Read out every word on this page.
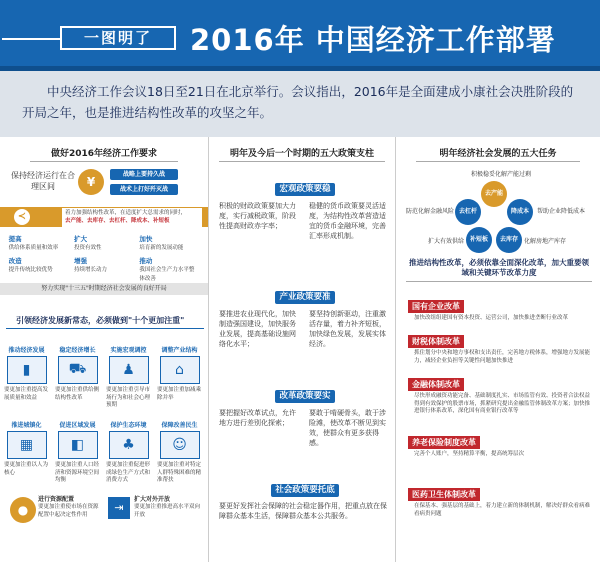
一图明了	2016年 中国经济工作部署
中央经济工作会议18日至21日在北京举行。会议指出，2016年是全面建成小康社会决胜阶段的开局之年，也是推进结构性改革的攻坚之年。
做好2016年经济工作要求
保持经济运行在合理区间	¥
战略上要持久战
战术上打好歼灭战
≺	着力加强结构性改革，在适度扩大总需求的同时，
去产能、去库存、去杠杆、降成本、补短板
提高
供给体系质量和效率
扩大
投资有效性
加快
培育新的发展动能
改造
提升传统比较优势
增强
持续增长动力
推动
我国社会生产力水平整体改善
努力实现"十三五"时期经济社会发展的良好开局
引领经济发展新常态，必须做到"十个更加注重"
推动经济发展
▮
要更加注重提高发展质量和效益
稳定经济增长
⛟
要更加注重供给侧结构性改革
实施宏观调控
♟
要更加注重引导市场行为和社会心理预期
调整产业结构
⌂
要更加注重加减乘除并举
推进城镇化
▦
要更加注重以人为核心
促进区域发展
◧
要更加注重人口经济和资源环境空间均衡
保护生态环境
♣
要更加注重促进形成绿色生产方式和消费方式
保障改善民生
☺
要更加注重对特定人群特殊困难的精准帮扶
●
进行资源配置
要更加注重使市场在资源配置中起决定性作用
⇥
扩大对外开放
要更加注重推进高水平双向开放
明年及今后一个时期的五大政策支柱
宏观政策要稳
积极的财政政策要加大力度，实行减税政策，阶段性提高财政赤字率；
稳健的货币政策要灵活适度，为结构性改革营造适宜的货币金融环境，完善汇率形成机制。
产业政策要准
要推进农业现代化，加快制造强国建设，加快服务业发展，提高基础设施网络化水平；
要坚持创新驱动，注重激活存量，着力补齐短板，加快绿色发展，发展实体经济。
改革政策要实
要把握好改革试点，允许地方进行差别化探索；
要敢于啃硬骨头，敢于涉险滩，使改革不断见到实效，使群众有更多获得感。
社会政策要托底
要更好发挥社会保障的社会稳定器作用，把重点放在保障群众基本生活，保障群众基本公共服务。
明年经济社会发展的五大任务
积极稳妥化解产能过剩
去产能
降成本
去库存
补短板
去杠杆	帮助企业降低成本
化解房地产库存
扩大有效供给
防范化解金融风险
推进结构性改革，必须依靠全面深化改革，加大重要领域和关键环节改革力度
国有企业改革
加快改组组建国有资本投资、运营公司，加快推进垄断行业改革
财税体制改革
抓住划分中央和地方事权和支出责任，完善地方税体系，增强地方发展能力，减轻企业负担等关键性问题加快推进
金融体制改革
尽快形成融资功能完备、基础制度扎实、市场监管有效、投资者合法权益得到有效保护的股票市场，抓紧研究提出金融监管体制改革方案；加快推进银行体系改革，深化国有商业银行改革等
养老保险制度改革
完善个人账户，坚持精算平衡，提高统筹层次
医药卫生体制改革
在保基本、强基层的基础上，着力建立新的体制机制，解决好群众看病难看病贵问题
